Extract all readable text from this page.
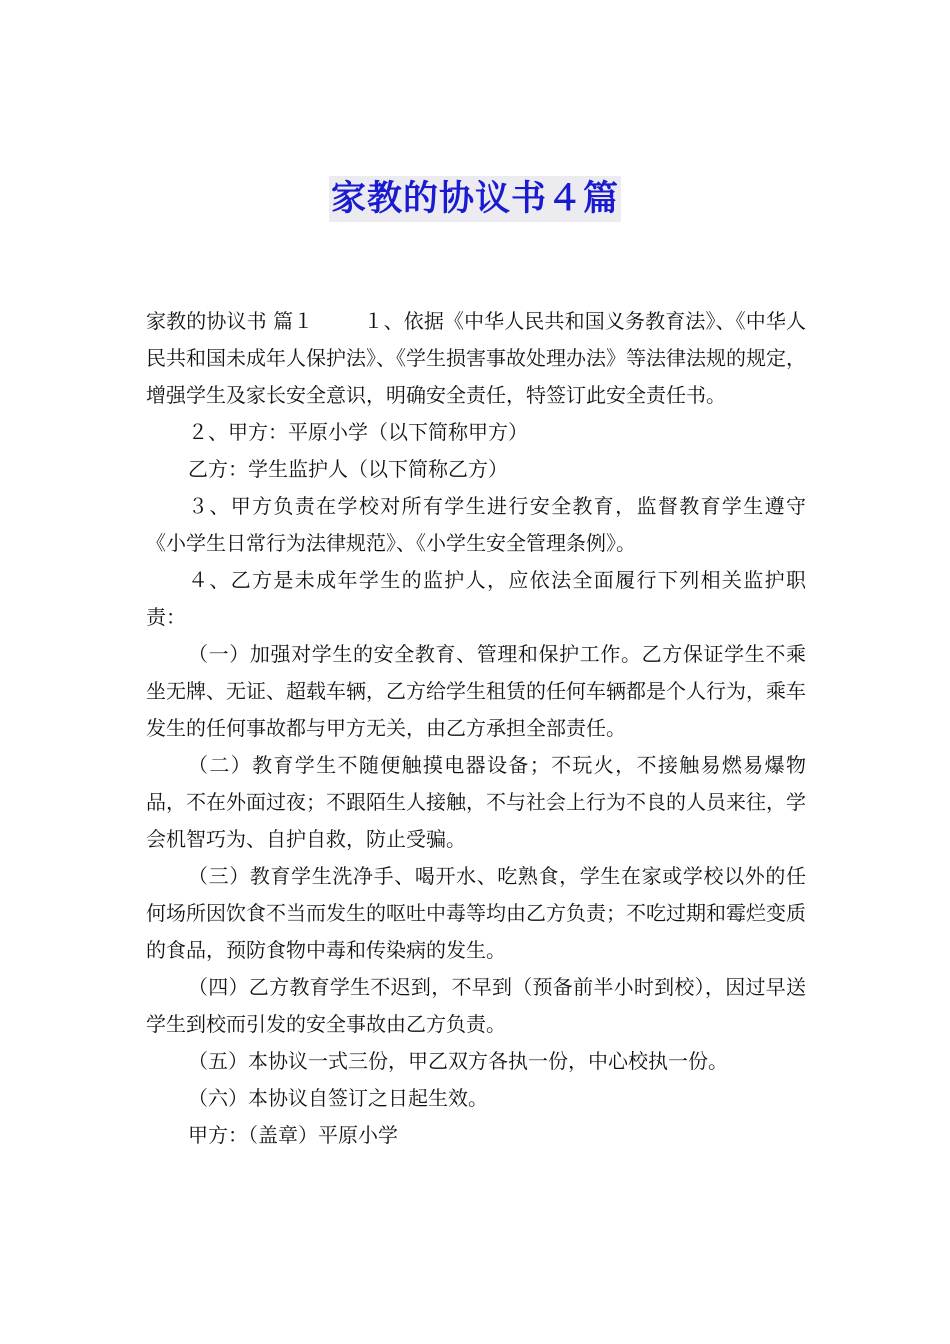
家教的协议书４篇

家教的协议书 篇１	１、依据《中华人民共和国义务教育法》、《中华人民共和国未成年人保护法》、《学生损害事故处理办法》等法律法规的规定，增强学生及家长安全意识，明确安全责任，特签订此安全责任书。

２、甲方：平原小学（以下简称甲方）

乙方：学生监护人（以下简称乙方）

３、甲方负责在学校对所有学生进行安全教育，监督教育学生遵守《小学生日常行为法律规范》、《小学生安全管理条例》。

４、乙方是未成年学生的监护人，应依法全面履行下列相关监护职责：

（一）加强对学生的安全教育、管理和保护工作。乙方保证学生不乘坐无牌、无证、超载车辆，乙方给学生租赁的任何车辆都是个人行为，乘车发生的任何事故都与甲方无关，由乙方承担全部责任。

（二）教育学生不随便触摸电器设备；不玩火，不接触易燃易爆物品，不在外面过夜；不跟陌生人接触，不与社会上行为不良的人员来往，学会机智巧为、自护自救，防止受骗。

（三）教育学生洗净手、喝开水、吃熟食，学生在家或学校以外的任何场所因饮食不当而发生的呕吐中毒等均由乙方负责；不吃过期和霉烂变质的食品，预防食物中毒和传染病的发生。

（四）乙方教育学生不迟到，不早到（预备前半小时到校），因过早送学生到校而引发的安全事故由乙方负责。

（五）本协议一式三份，甲乙双方各执一份，中心校执一份。

（六）本协议自签订之日起生效。

甲方：（盖章）平原小学
